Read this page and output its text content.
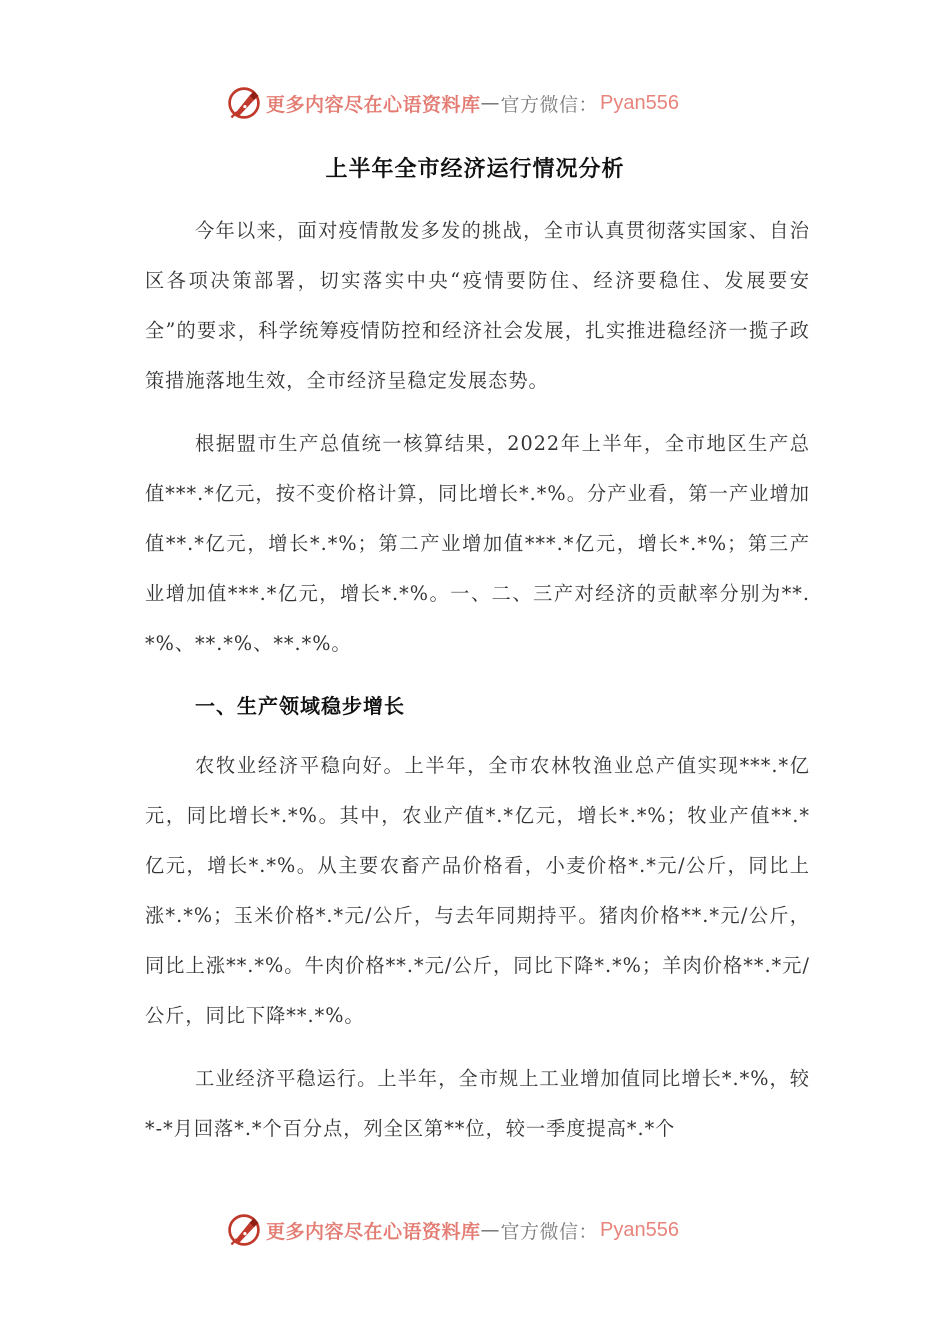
更多内容尽在心语资料库 — 官方微信： Pyan556
上半年全市经济运行情况分析

今年以来，面对疫情散发多发的挑战，全市认真贯彻落实国家、自治区各项决策部署，切实落实中央“疫情要防住、经济要稳住、发展要安全”的要求，科学统筹疫情防控和经济社会发展，扎实推进稳经济一揽子政策措施落地生效，全市经济呈稳定发展态势。

根据盟市生产总值统一核算结果，2022年上半年，全市地区生产总值***.*亿元，按不变价格计算，同比增长*.*%。分产业看，第一产业增加值**.*亿元，增长*.*%；第二产业增加值***.*亿元，增长*.*%；第三产业增加值***.*亿元，增长*.*%。一、二、三产对经济的贡献率分别为**.*%、**.*%、**.*%。

一、生产领域稳步增长

农牧业经济平稳向好。上半年，全市农林牧渔业总产值实现***.*亿元，同比增长*.*%。其中，农业产值*.*亿元，增长*.*%；牧业产值**.*亿元，增长*.*%。从主要农畜产品价格看，小麦价格*.*元/公斤，同比上涨*.*%；玉米价格*.*元/公斤，与去年同期持平。猪肉价格**.*元/公斤，同比上涨**.*%。牛肉价格**.*元/公斤，同比下降*.*%；羊肉价格**.*元/公斤，同比下降**.*%。

工业经济平稳运行。上半年，全市规上工业增加值同比增长*.*%，较*-*月回落*.*个百分点，列全区第**位，较一季度提高*.*个

更多内容尽在心语资料库 — 官方微信： Pyan556
